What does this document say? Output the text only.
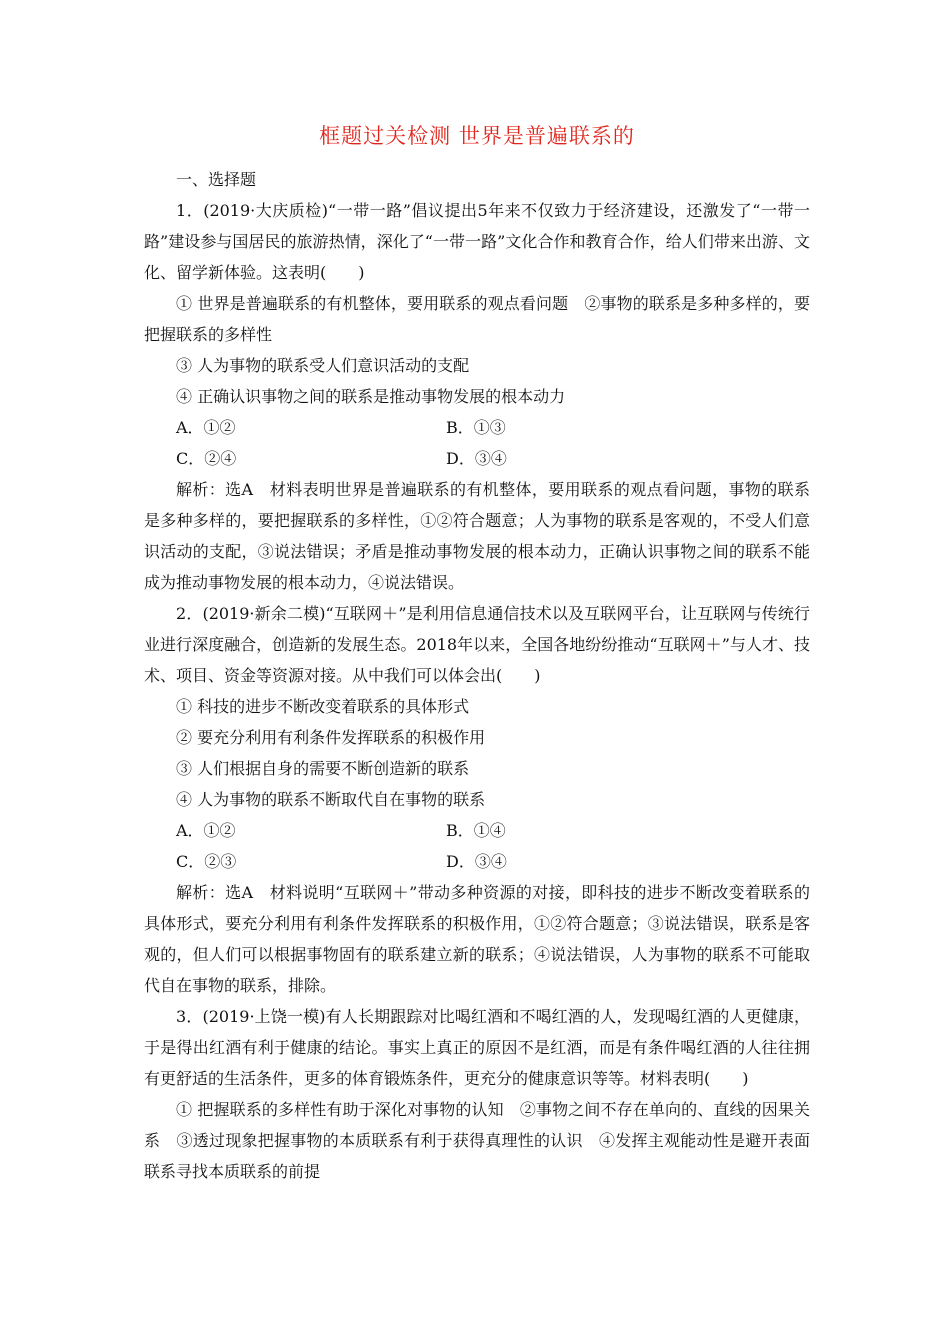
框题过关检测 世界是普遍联系的
一、选择题

1．(2019·大庆质检)“一带一路”倡议提出5年来不仅致力于经济建设，还激发了“一带一路”建设参与国居民的旅游热情，深化了“一带一路”文化合作和教育合作，给人们带来出游、文化、留学新体验。这表明(　　)

① 世界是普遍联系的有机整体，要用联系的观点看问题　②事物的联系是多种多样的，要把握联系的多样性

③ 人为事物的联系受人们意识活动的支配

④ 正确认识事物之间的联系是推动事物发展的根本动力

A．①②	B．①③
C．②④	D．③④

解析：选A　材料表明世界是普遍联系的有机整体，要用联系的观点看问题，事物的联系是多种多样的，要把握联系的多样性，①②符合题意；人为事物的联系是客观的，不受人们意识活动的支配，③说法错误；矛盾是推动事物发展的根本动力，正确认识事物之间的联系不能成为推动事物发展的根本动力，④说法错误。

2．(2019·新余二模)“互联网＋”是利用信息通信技术以及互联网平台，让互联网与传统行业进行深度融合，创造新的发展生态。2018年以来，全国各地纷纷推动“互联网＋”与人才、技术、项目、资金等资源对接。从中我们可以体会出(　　)

① 科技的进步不断改变着联系的具体形式

② 要充分利用有利条件发挥联系的积极作用

③ 人们根据自身的需要不断创造新的联系

④ 人为事物的联系不断取代自在事物的联系

A．①②	B．①④
C．②③	D．③④

解析：选A　材料说明“互联网＋”带动多种资源的对接，即科技的进步不断改变着联系的具体形式，要充分利用有利条件发挥联系的积极作用，①②符合题意；③说法错误，联系是客观的，但人们可以根据事物固有的联系建立新的联系；④说法错误，人为事物的联系不可能取代自在事物的联系，排除。

3．(2019·上饶一模)有人长期跟踪对比喝红酒和不喝红酒的人，发现喝红酒的人更健康，于是得出红酒有利于健康的结论。事实上真正的原因不是红酒，而是有条件喝红酒的人往往拥有更舒适的生活条件，更多的体育锻炼条件，更充分的健康意识等等。材料表明(　　)

① 把握联系的多样性有助于深化对事物的认知　②事物之间不存在单向的、直线的因果关系　③透过现象把握事物的本质联系有利于获得真理性的认识　④发挥主观能动性是避开表面联系寻找本质联系的前提
